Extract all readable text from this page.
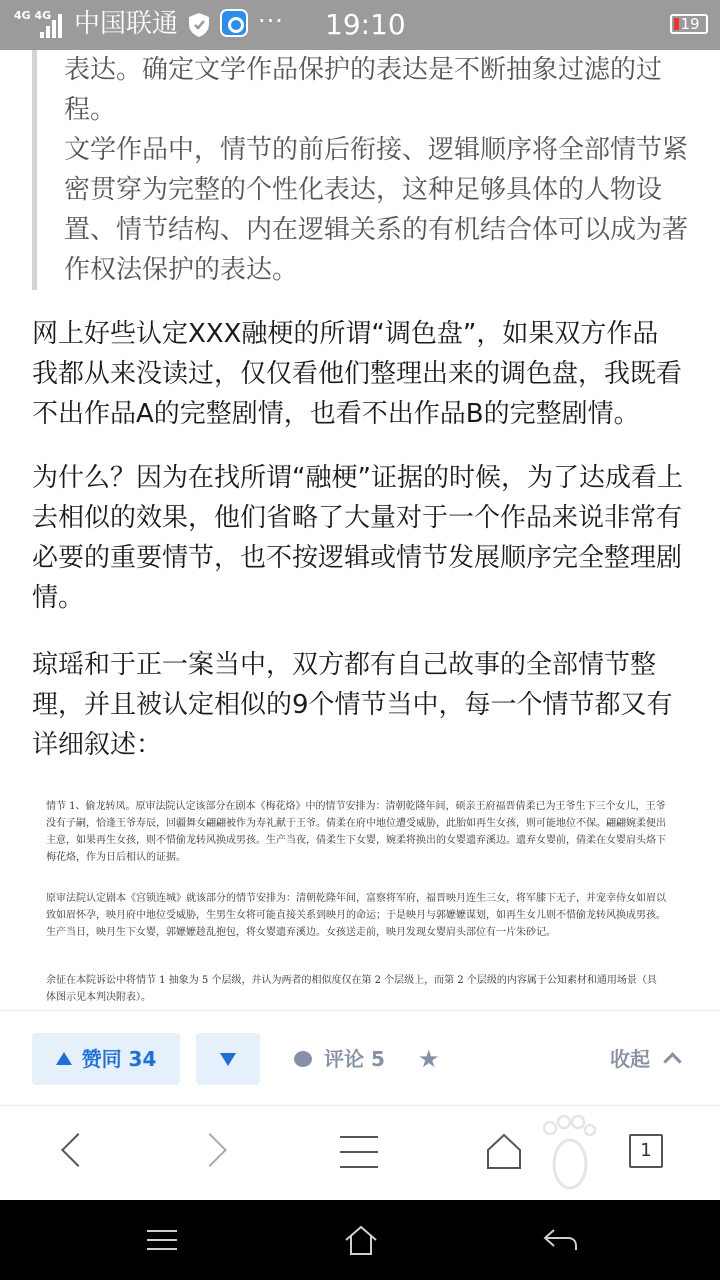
4G 4G 中国联通	··· 19:10	19

表达。确定文学作品保护的表达是不断抽象过滤的过程。

文学作品中，情节的前后衔接、逻辑顺序将全部情节紧密贯穿为完整的个性化表达，这种足够具体的人物设置、情节结构、内在逻辑关系的有机结合体可以成为著作权法保护的表达。

网上好些认定XXX融梗的所谓“调色盘”，如果双方作品我都从来没读过，仅仅看他们整理出来的调色盘，我既看不出作品A的完整剧情，也看不出作品B的完整剧情。

为什么？因为在找所谓“融梗”证据的时候，为了达成看上去相似的效果，他们省略了大量对于一个作品来说非常有必要的重要情节，也不按逻辑或情节发展顺序完全整理剧情。

琼瑶和于正一案当中，双方都有自己故事的全部情节整理，并且被认定相似的9个情节当中，每一个情节都又有详细叙述：

情节 1、偷龙转凤。原审法院认定该部分在剧本《梅花烙》中的情节安排为：清朝乾隆年间，硕亲王府福晋倩柔已为王爷生下三个女儿，王爷没有子嗣，恰逢王爷寿辰，回疆舞女翩翩被作为寿礼献于王爷。倩柔在府中地位遭受威胁，此胎如再生女孩，则可能地位不保。翩翩婉柔便出主意，如果再生女孩，则不惜偷龙转风换成男孩。生产当夜，倩柔生下女婴，婉柔将换出的女婴遗弃溪边。遗弃女婴前，倩柔在女婴肩头烙下梅花烙，作为日后相认的证据。

原审法院认定剧本《宫锁连城》就该部分的情节安排为：清朝乾隆年间，富察将军府，福晋映月连生三女，将军膝下无子，并宠幸侍女如眉以致如眉怀孕，映月府中地位受威胁，生男生女将可能直接关系到映月的命运；于是映月与郭嬷嬷谋划，如再生女儿则不惜偷龙转风换成男孩。生产当日，映月生下女婴，郭嬷嬷趁乱抱包，将女婴遗弃溪边。女孩送走前，映月发现女婴肩头部位有一片朱砂记。

余征在本院诉讼中将情节 1 抽象为 5 个层级，并认为两者的相似度仅在第 2 个层级上，而第 2 个层级的内容属于公知素材和通用场景（具体图示见本判决附表）。

赞同 34	评论 5 ★	收起
1
